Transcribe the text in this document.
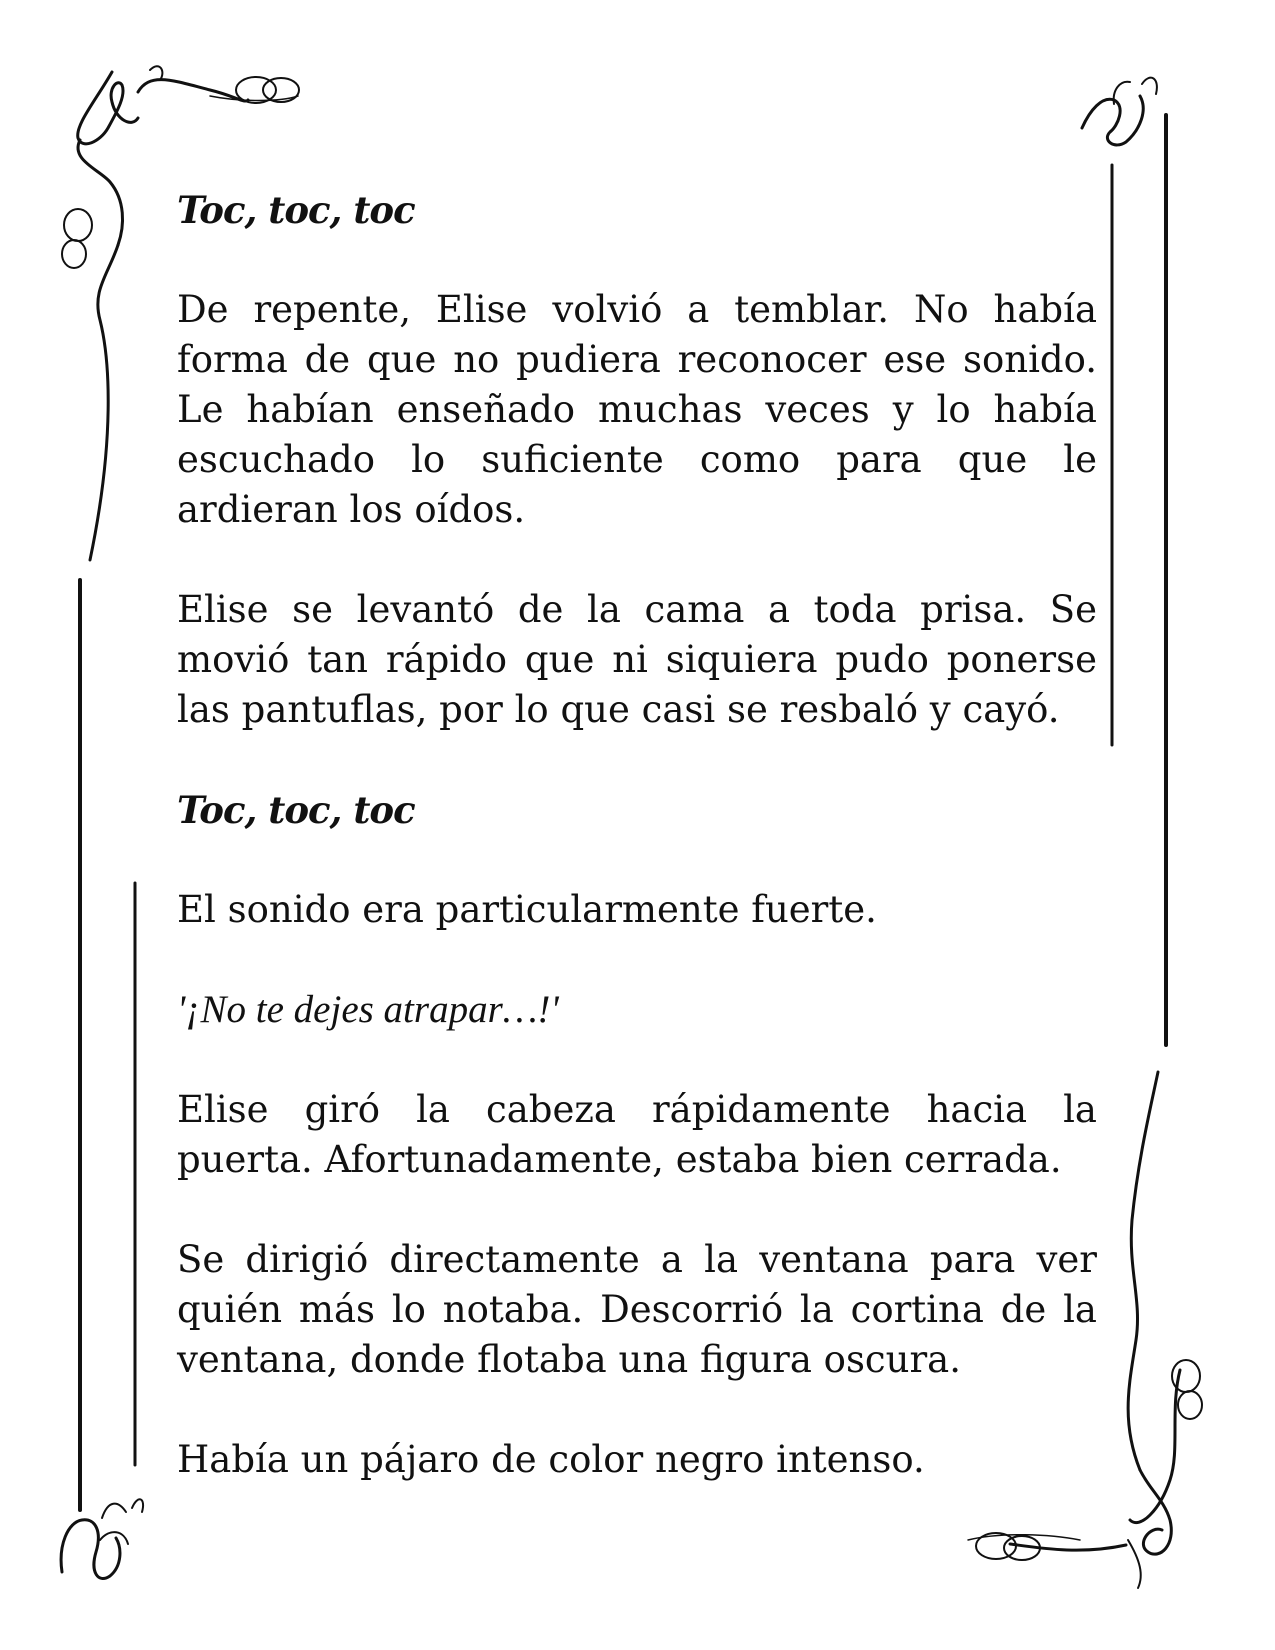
Toc, toc, toc

De repente, Elise volvió a temblar. No había forma de que no pudiera reconocer ese sonido. Le habían enseñado muchas veces y lo había escuchado lo suficiente como para que le ardieran los oídos.

Elise se levantó de la cama a toda prisa. Se movió tan rápido que ni siquiera pudo ponerse las pantuflas, por lo que casi se resbaló y cayó.

Toc, toc, toc

El sonido era particularmente fuerte.

'¡No te dejes atrapar…!'

Elise giró la cabeza rápidamente hacia la puerta. Afortunadamente, estaba bien cerrada.

Se dirigió directamente a la ventana para ver quién más lo notaba. Descorrió la cortina de la ventana, donde flotaba una figura oscura.

Había un pájaro de color negro intenso.
